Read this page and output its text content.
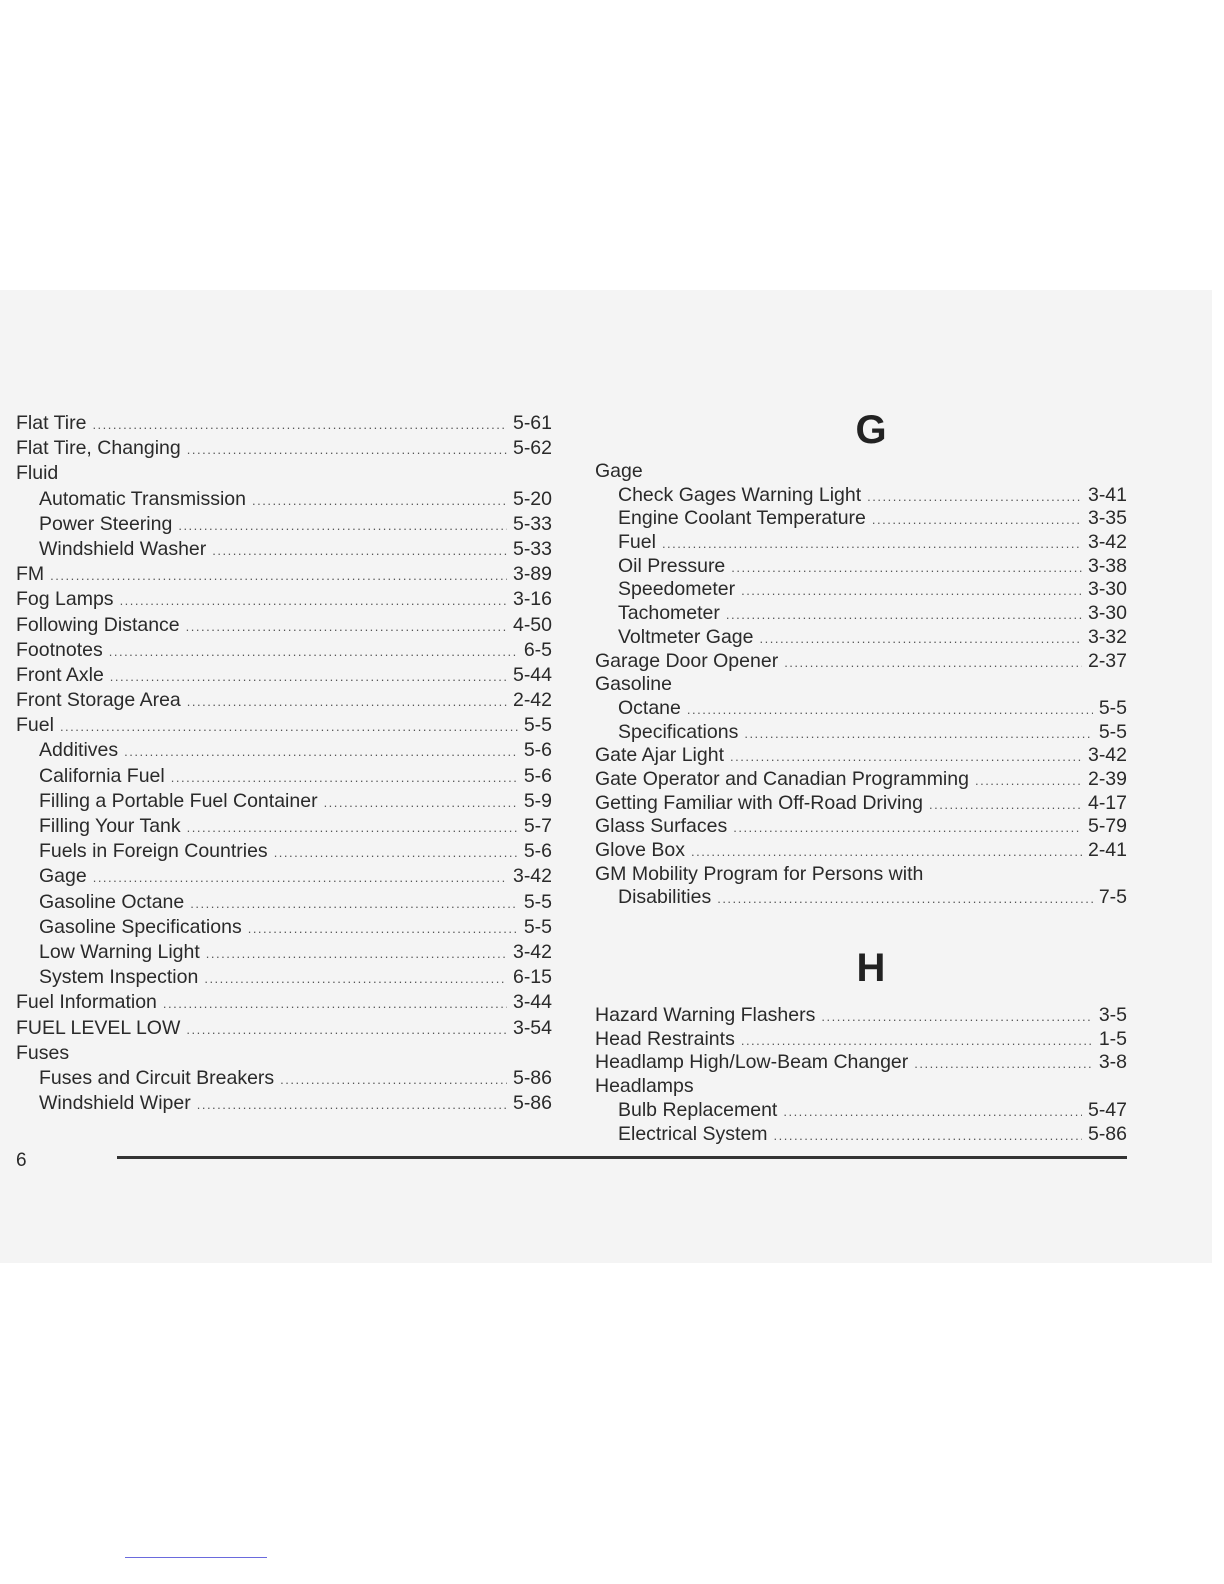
Flat Tire .....	5-61
Flat Tire, Changing .....	5-62
Fluid
Automatic Transmission .....	5-20
Power Steering .....	5-33
Windshield Washer .....	5-33
FM .....	3-89
Fog Lamps .....	3-16
Following Distance .....	4-50
Footnotes .....	6-5
Front Axle .....	5-44
Front Storage Area .....	2-42
Fuel .....	5-5
Additives .....	5-6
California Fuel .....	5-6
Filling a Portable Fuel Container .....	5-9
Filling Your Tank .....	5-7
Fuels in Foreign Countries .....	5-6
Gage .....	3-42
Gasoline Octane .....	5-5
Gasoline Specifications .....	5-5
Low Warning Light .....	3-42
System Inspection .....	6-15
Fuel Information .....	3-44
FUEL LEVEL LOW .....	3-54
Fuses
Fuses and Circuit Breakers .....	5-86
Windshield Wiper .....	5-86
G
Gage
Check Gages Warning Light .....	3-41
Engine Coolant Temperature .....	3-35
Fuel .....	3-42
Oil Pressure .....	3-38
Speedometer .....	3-30
Tachometer .....	3-30
Voltmeter Gage .....	3-32
Garage Door Opener .....	2-37
Gasoline
Octane .....	5-5
Specifications .....	5-5
Gate Ajar Light .....	3-42
Gate Operator and Canadian Programming .....	2-39
Getting Familiar with Off-Road Driving .....	4-17
Glass Surfaces .....	5-79
Glove Box .....	2-41
GM Mobility Program for Persons with
Disabilities .....	7-5
H
Hazard Warning Flashers .....	3-5
Head Restraints .....	1-5
Headlamp High/Low-Beam Changer .....	3-8
Headlamps
Bulb Replacement .....	5-47
Electrical System .....	5-86
6
